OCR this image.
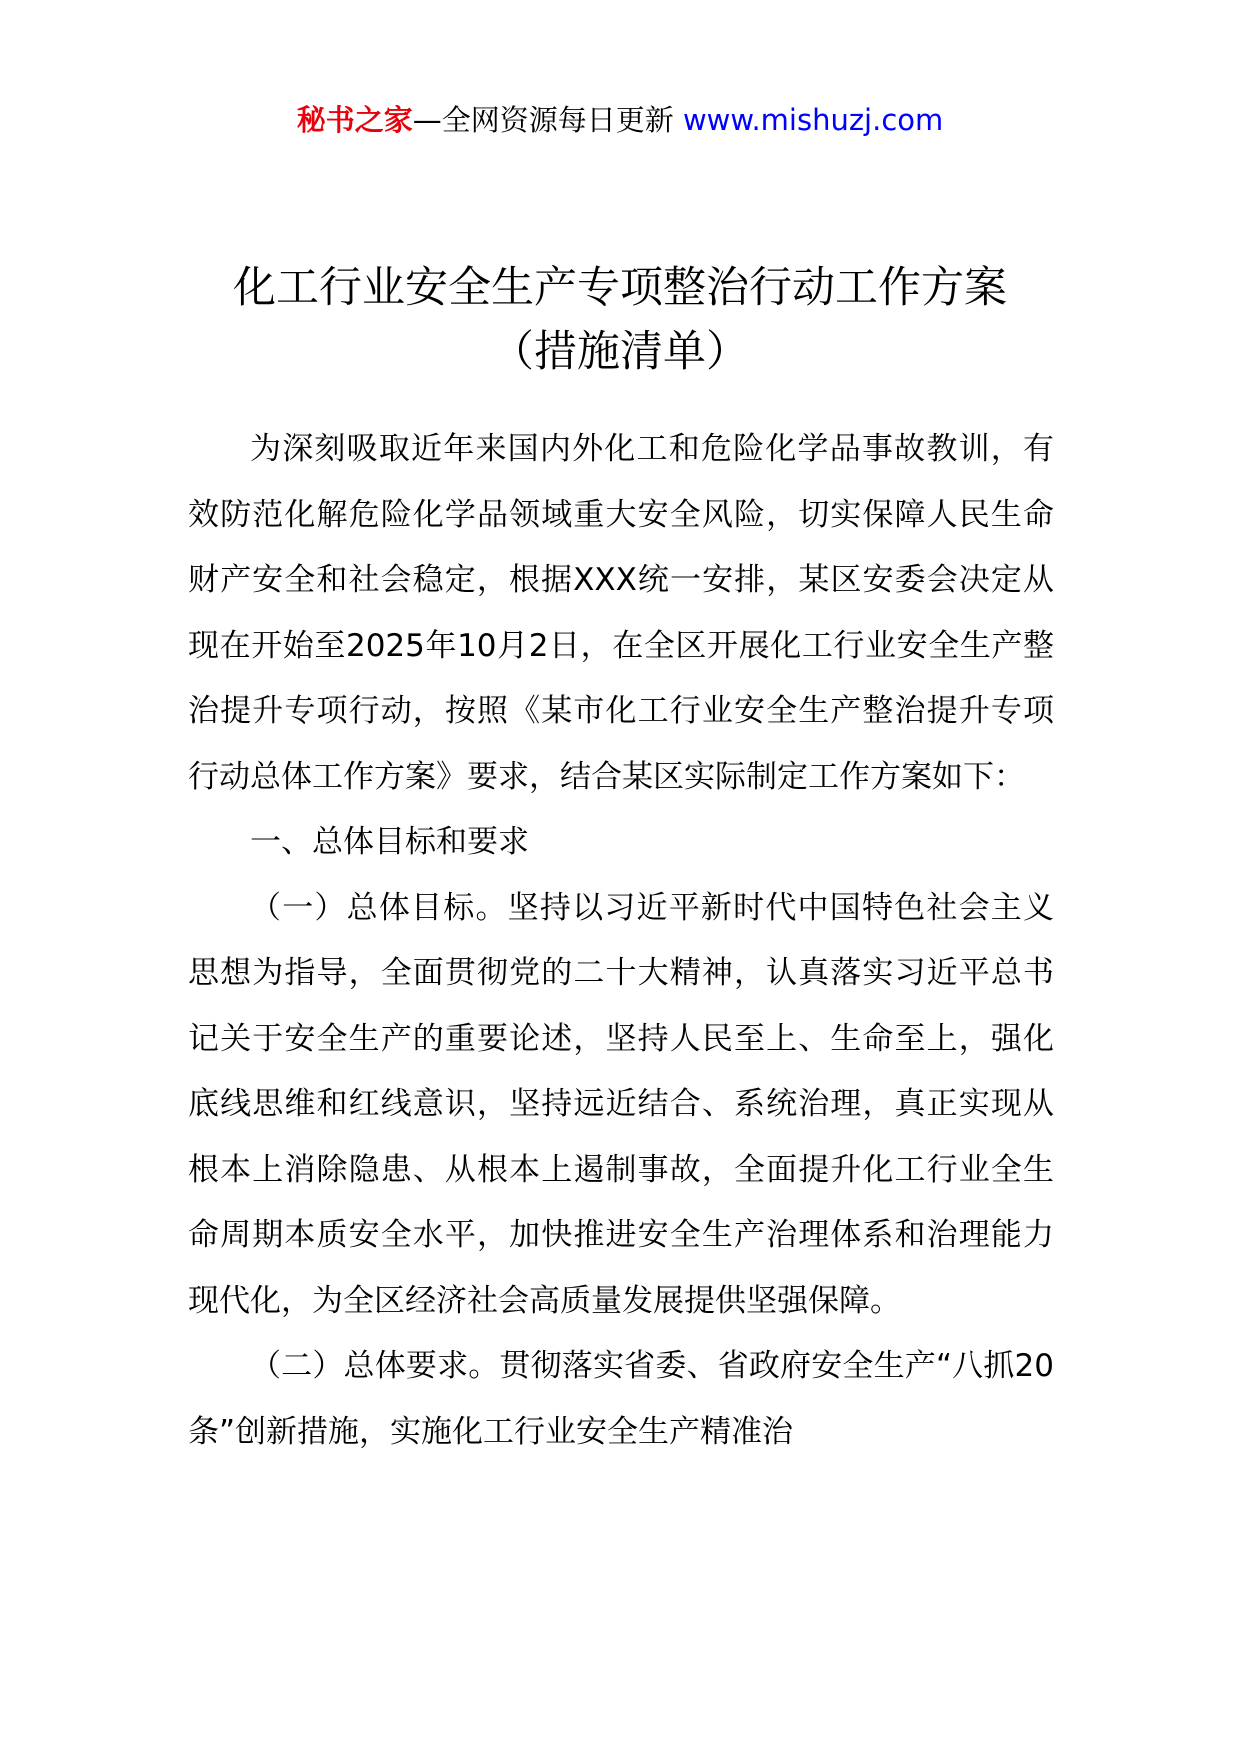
秘书之家—全网资源每日更新 www.mishuzj.com
化工行业安全生产专项整治行动工作方案
（措施清单）

为深刻吸取近年来国内外化工和危险化学品事故教训，有效防范化解危险化学品领域重大安全风险，切实保障人民生命财产安全和社会稳定，根据XXX统一安排，某区安委会决定从现在开始至2025年10月2日，在全区开展化工行业安全生产整治提升专项行动，按照《某市化工行业安全生产整治提升专项行动总体工作方案》要求，结合某区实际制定工作方案如下：

一、总体目标和要求

（一）总体目标。坚持以习近平新时代中国特色社会主义思想为指导，全面贯彻党的二十大精神，认真落实习近平总书记关于安全生产的重要论述，坚持人民至上、生命至上，强化底线思维和红线意识，坚持远近结合、系统治理，真正实现从根本上消除隐患、从根本上遏制事故，全面提升化工行业全生命周期本质安全水平，加快推进安全生产治理体系和治理能力现代化，为全区经济社会高质量发展提供坚强保障。

（二）总体要求。贯彻落实省委、省政府安全生产“八抓20条”创新措施，实施化工行业安全生产精准治
